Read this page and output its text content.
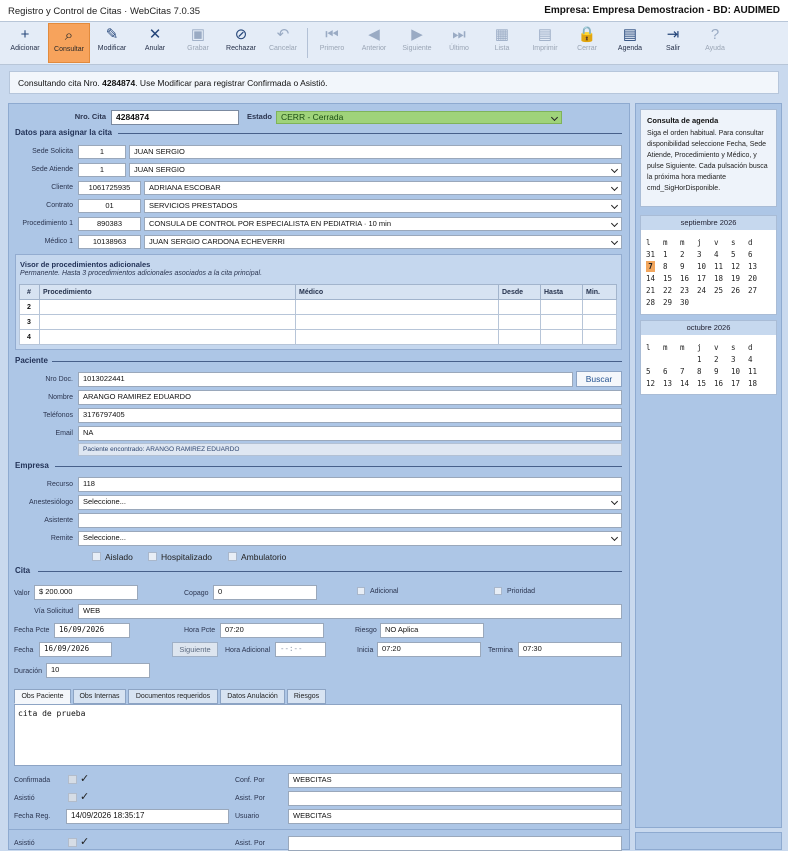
Registro y Control de Citas · WebCitas 7.0.35	Empresa: Empresa Demostracion - BD: AUDIMED
+
Adicionar
⌕
Consultar
✎
Modificar
✕
Anular
▣
Grabar
⊘
Rechazar
↶
Cancelar
⏮
Primero
◀
Anterior
▶
Siguiente
⏭
Último
▦
Lista
▤
Imprimir
🔒
Cerrar
▤
Agenda
⇥
Salir
?
Ayuda
Consultando cita Nro. 4284874. Use Modificar para registrar Confirmada o Asistió.
Nro. Cita	4284874	Estado	CERR - Cerrada
Datos para asignar la cita
Sede Solicita	1	JUAN SERGIO
Sede Atiende	1	JUAN SERGIO
Cliente	1061725935	ADRIANA ESCOBAR
Contrato	01	SERVICIOS PRESTADOS
Procedimiento 1	890383	CONSULA DE CONTROL POR ESPECIALISTA EN PEDIATRIA · 10 min
Médico 1	10138963	JUAN SERGIO CARDONA ECHEVERRI
Visor de procedimientos adicionales
Permanente. Hasta 3 procedimientos adicionales asociados a la cita principal.
#	Procedimiento	Médico	Desde	Hasta	Min.
2					
3					
4					
Paciente
Nro Doc.	1013022441	Buscar
Nombre	ARANGO RAMIREZ EDUARDO
Teléfonos	3176797405
Email	NA
Paciente encontrado: ARANGO RAMIREZ EDUARDO
Empresa
Recurso	118
Anestesiólogo	Seleccione...
Asistente
Remite	Seleccione...
Aislado	Hospitalizado	Ambulatorio
Cita
Valor	$ 200.000	Copago	0	Adicional	Prioridad
Vía Solicitud	WEB
Fecha Pcte	16/09/2026	Hora Pcte	07:20	Riesgo	NO Aplica
Fecha	16/09/2026	Siguiente	Hora Adicional	--:--	Inicia	07:20	Termina	07:30
Duración	10
Obs Paciente	Obs Internas	Documentos requeridos	Datos Anulación	Riesgos
cita de prueba
Confirmada	✓
Asistió	✓
Fecha Reg.	14/09/2026 18:35:17
Conf. Por	WEBCITAS
Asist. Por
Usuario	WEBCITAS
Asistió	✓	Asist. Por
Consulta de agenda
Siga el orden habitual. Para consultar disponibilidad seleccione Fecha, Sede Atiende, Procedimiento y Médico, y pulse Siguiente. Cada pulsación busca la próxima hora mediante cmd_SigHorDisponible.
septiembre 2026
l	m	m	j	v	s	d
31	1	2	3	4	5	6
7	8	9	10	11	12	13
14	15	16	17	18	19	20
21	22	23	24	25	26	27
28	29	30
octubre 2026
l	m	m	j	v	s	d
1	2	3	4
5	6	7	8	9	10	11
12	13	14	15	16	17	18
